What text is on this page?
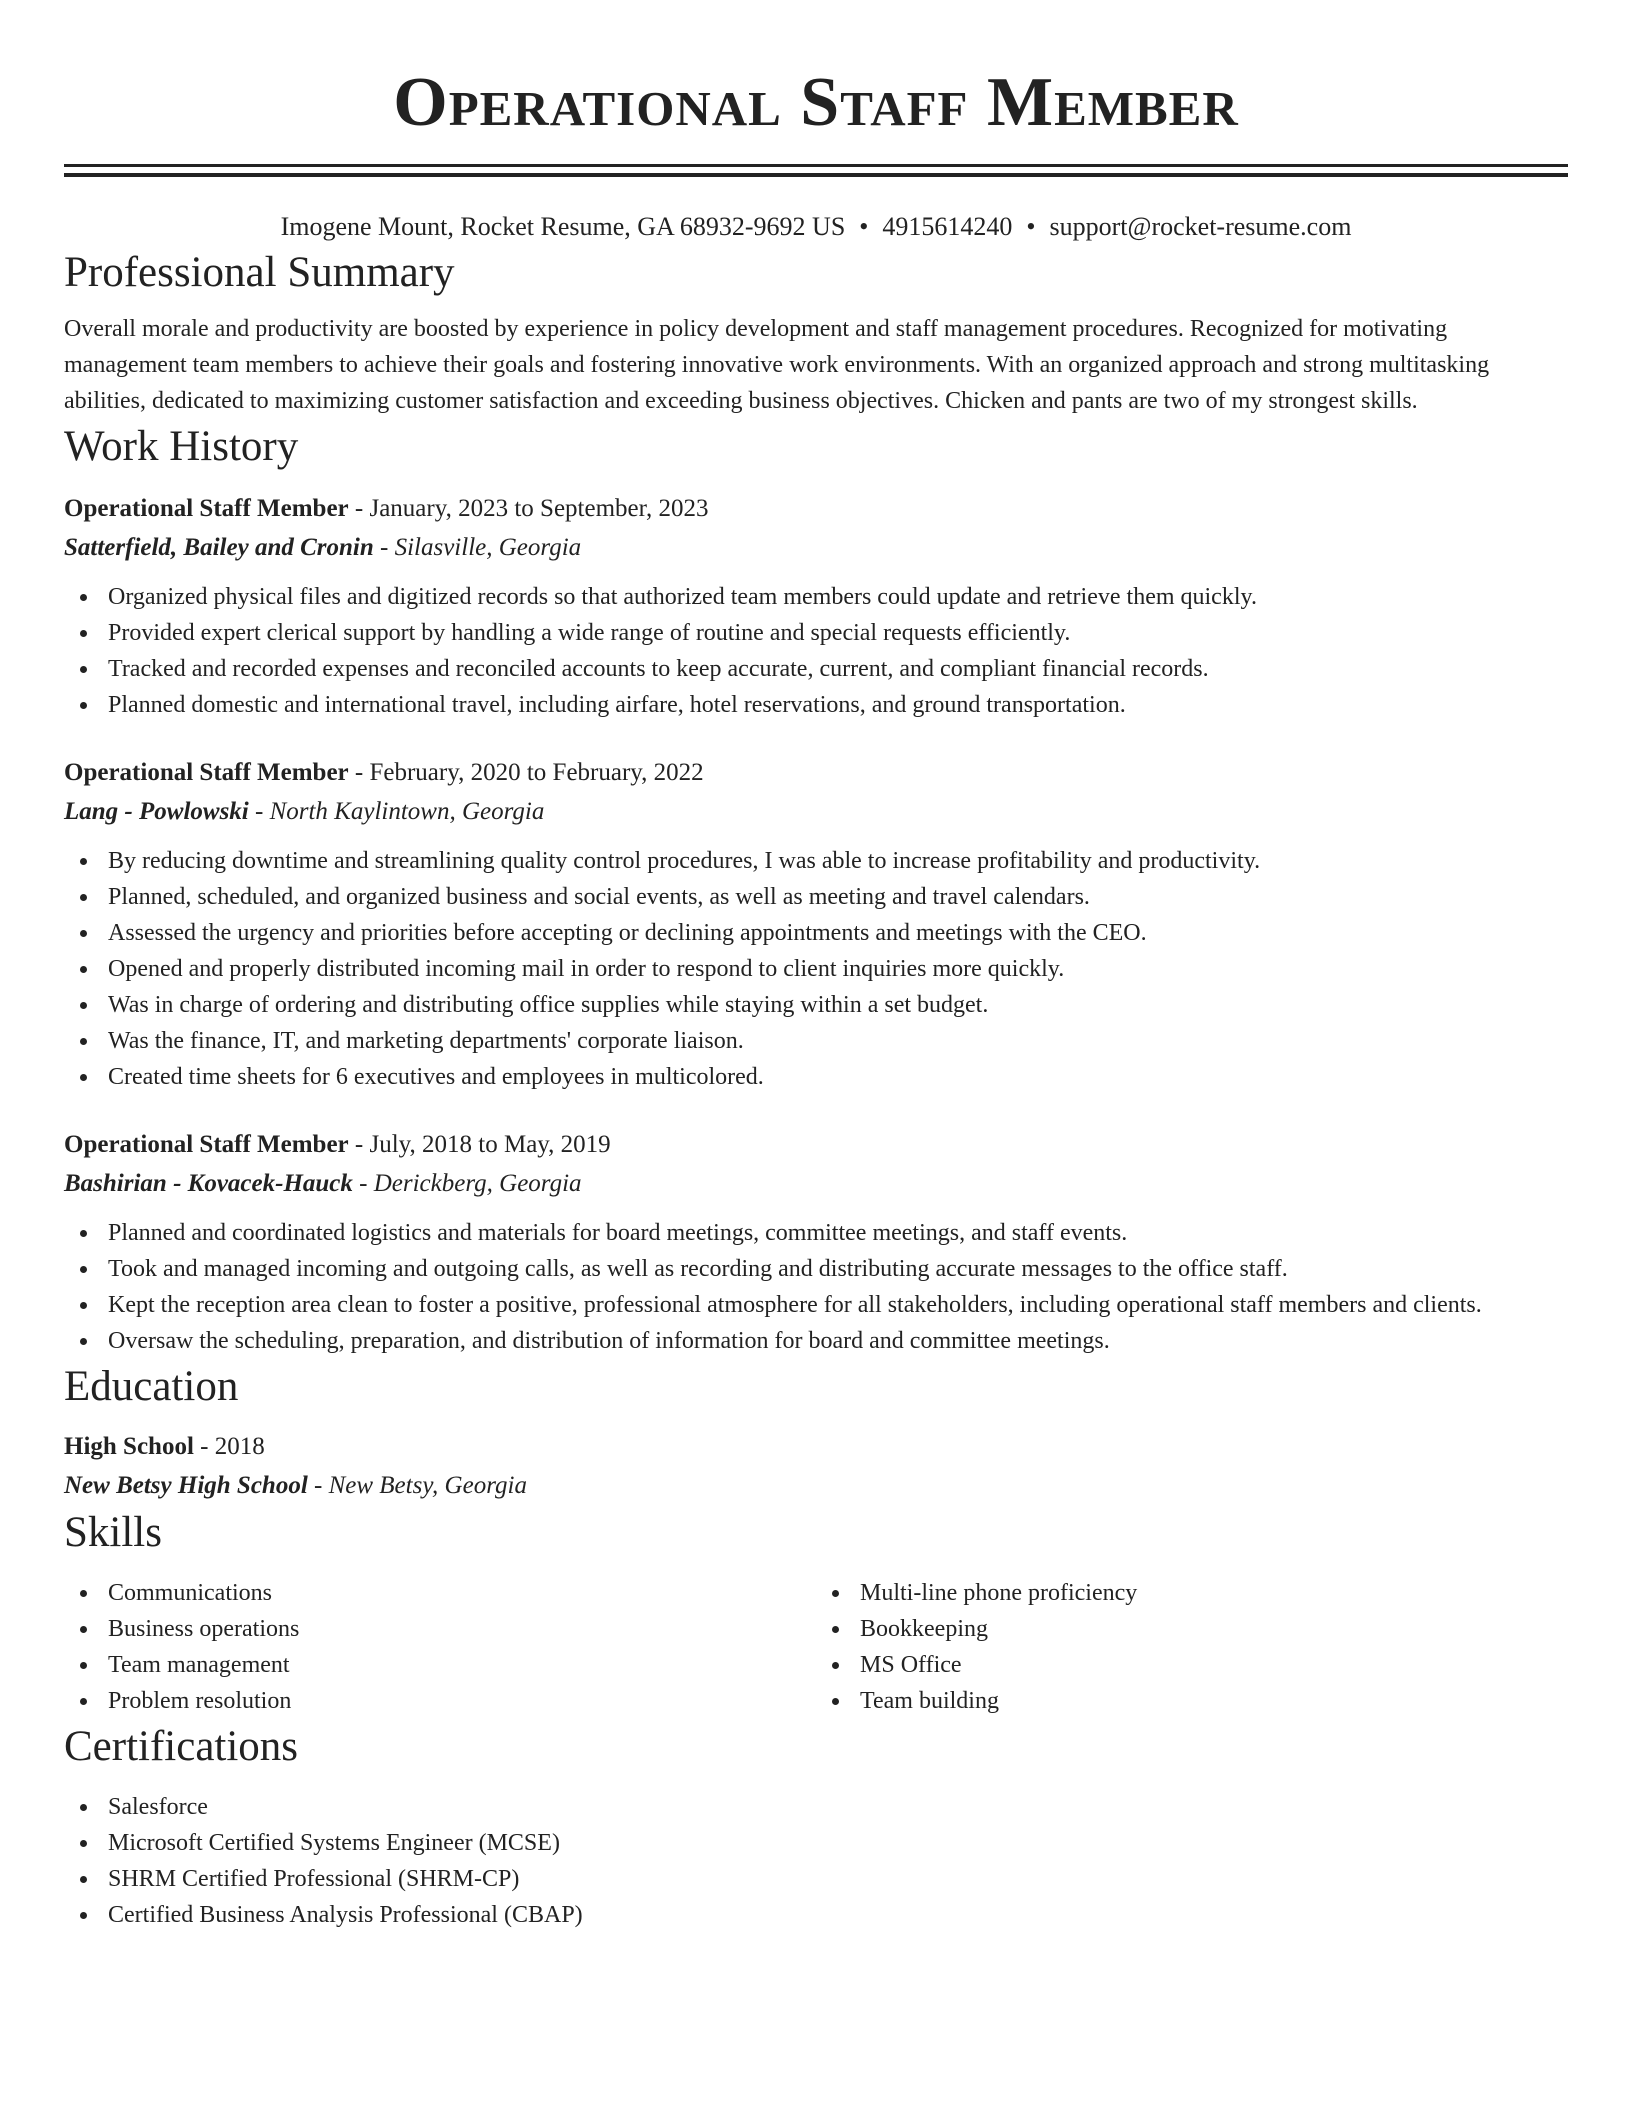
Operational Staff Member
Imogene Mount, Rocket Resume, GA 68932-9692 US • 4915614240 • support@rocket-resume.com
Professional Summary

Overall morale and productivity are boosted by experience in policy development and staff management procedures. Recognized for motivating management team members to achieve their goals and fostering innovative work environments. With an organized approach and strong multitasking abilities, dedicated to maximizing customer satisfaction and exceeding business objectives. Chicken and pants are two of my strongest skills.

Work History
Operational Staff Member - January, 2023 to September, 2023
Satterfield, Bailey and Cronin - Silasville, Georgia
Organized physical files and digitized records so that authorized team members could update and retrieve them quickly.
Provided expert clerical support by handling a wide range of routine and special requests efficiently.
Tracked and recorded expenses and reconciled accounts to keep accurate, current, and compliant financial records.
Planned domestic and international travel, including airfare, hotel reservations, and ground transportation.
Operational Staff Member - February, 2020 to February, 2022
Lang - Powlowski - North Kaylintown, Georgia
By reducing downtime and streamlining quality control procedures, I was able to increase profitability and productivity.
Planned, scheduled, and organized business and social events, as well as meeting and travel calendars.
Assessed the urgency and priorities before accepting or declining appointments and meetings with the CEO.
Opened and properly distributed incoming mail in order to respond to client inquiries more quickly.
Was in charge of ordering and distributing office supplies while staying within a set budget.
Was the finance, IT, and marketing departments' corporate liaison.
Created time sheets for 6 executives and employees in multicolored.
Operational Staff Member - July, 2018 to May, 2019
Bashirian - Kovacek-Hauck - Derickberg, Georgia
Planned and coordinated logistics and materials for board meetings, committee meetings, and staff events.
Took and managed incoming and outgoing calls, as well as recording and distributing accurate messages to the office staff.
Kept the reception area clean to foster a positive, professional atmosphere for all stakeholders, including operational staff members and clients.
Oversaw the scheduling, preparation, and distribution of information for board and committee meetings.
Education
High School - 2018
New Betsy High School - New Betsy, Georgia
Skills
Communications
Business operations
Team management
Problem resolution
Multi-line phone proficiency
Bookkeeping
MS Office
Team building
Certifications
Salesforce
Microsoft Certified Systems Engineer (MCSE)
SHRM Certified Professional (SHRM-CP)
Certified Business Analysis Professional (CBAP)
